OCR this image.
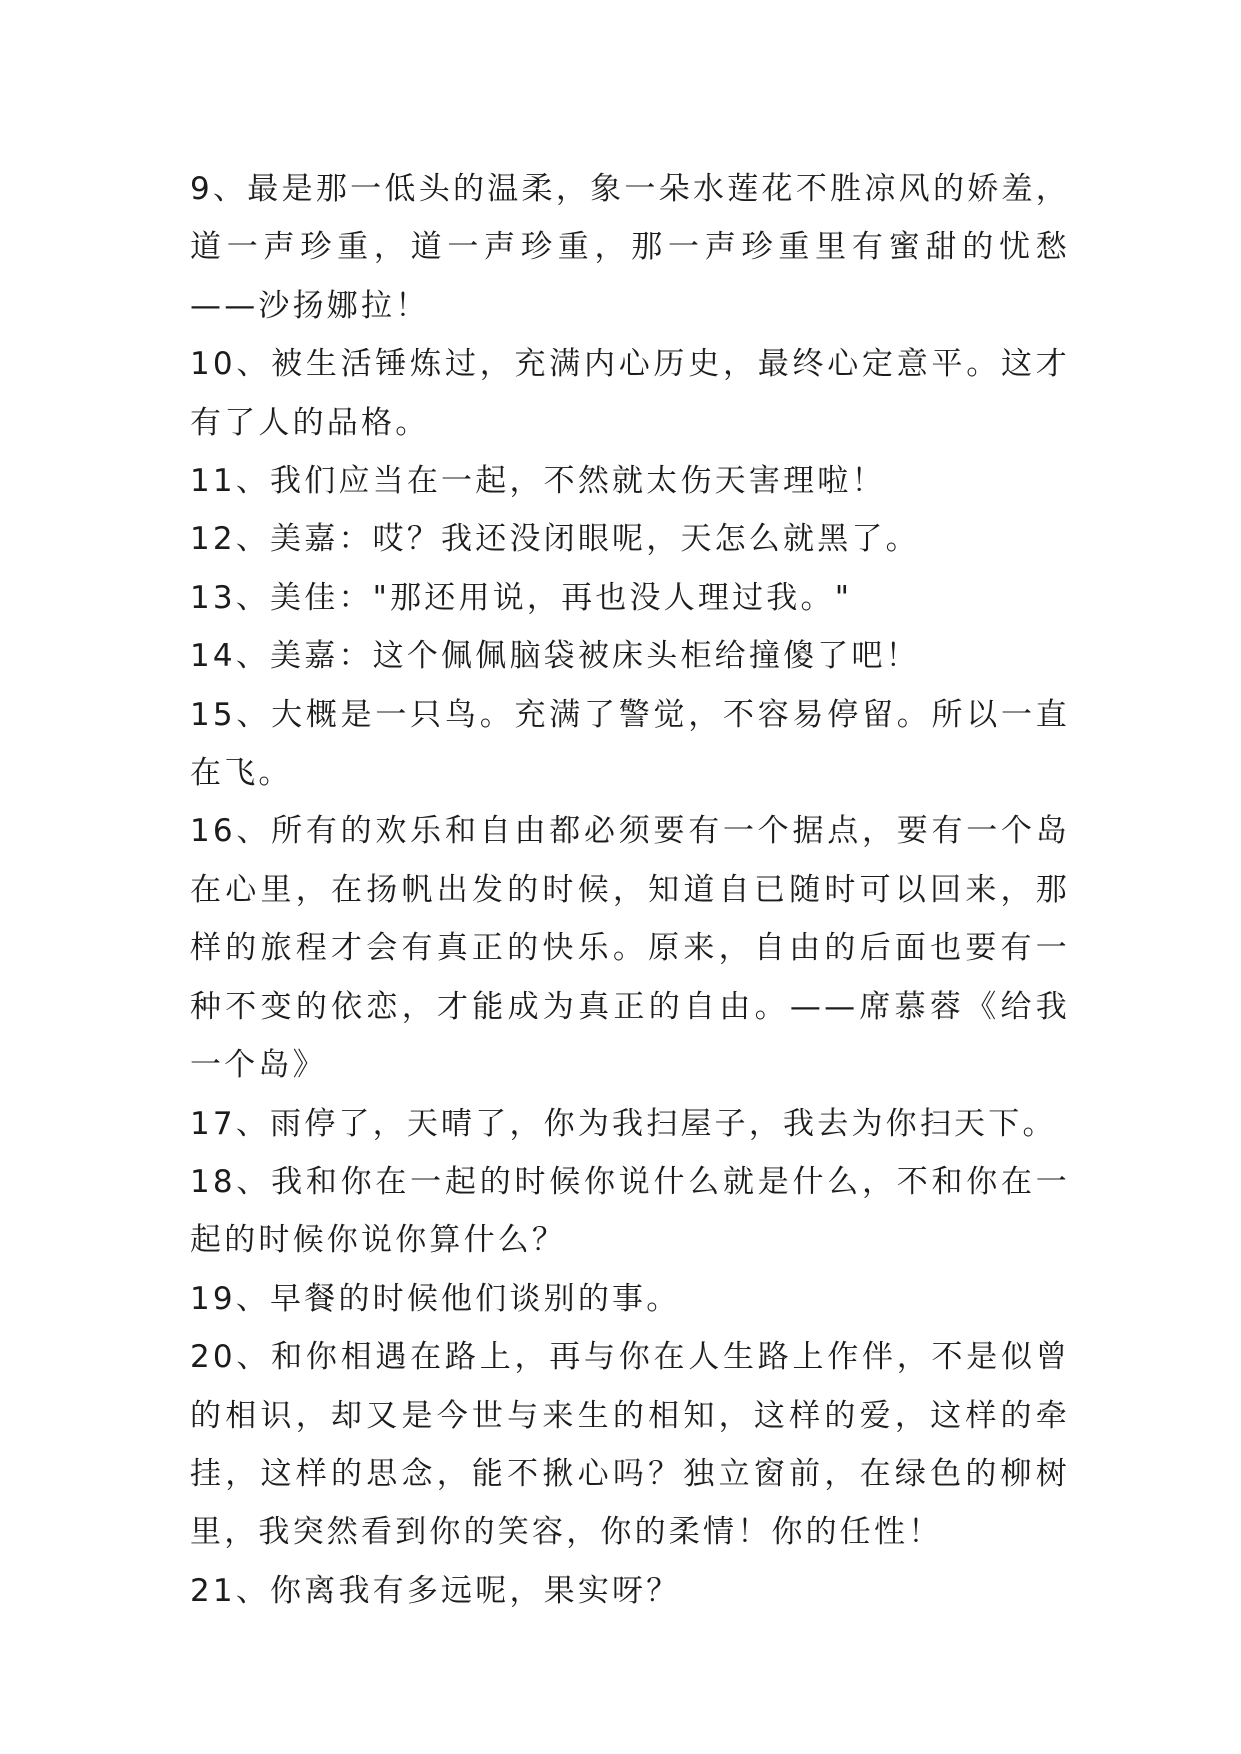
9、最是那一低头的温柔，象一朵水莲花不胜凉风的娇羞，道一声珍重，道一声珍重，那一声珍重里有蜜甜的忧愁——沙扬娜拉！

10、被生活锤炼过，充满内心历史，最终心定意平。这才有了人的品格。

11、我们应当在一起，不然就太伤天害理啦！

12、美嘉：哎？我还没闭眼呢，天怎么就黑了。

13、美佳："那还用说，再也没人理过我。"

14、美嘉：这个佩佩脑袋被床头柜给撞傻了吧！

15、大概是一只鸟。充满了警觉，不容易停留。所以一直在飞。

16、所有的欢乐和自由都必须要有一个据点，要有一个岛在心里，在扬帆出发的时候，知道自已随时可以回来，那样的旅程才会有真正的快乐。原来，自由的后面也要有一种不变的依恋，才能成为真正的自由。——席慕蓉《给我一个岛》

17、雨停了，天晴了，你为我扫屋子，我去为你扫天下。

18、我和你在一起的时候你说什么就是什么，不和你在一起的时候你说你算什么？

19、早餐的时候他们谈别的事。

20、和你相遇在路上，再与你在人生路上作伴，不是似曾的相识，却又是今世与来生的相知，这样的爱，这样的牵挂，这样的思念，能不揪心吗？独立窗前，在绿色的柳树里，我突然看到你的笑容，你的柔情！你的任性！

21、你离我有多远呢，果实呀？
